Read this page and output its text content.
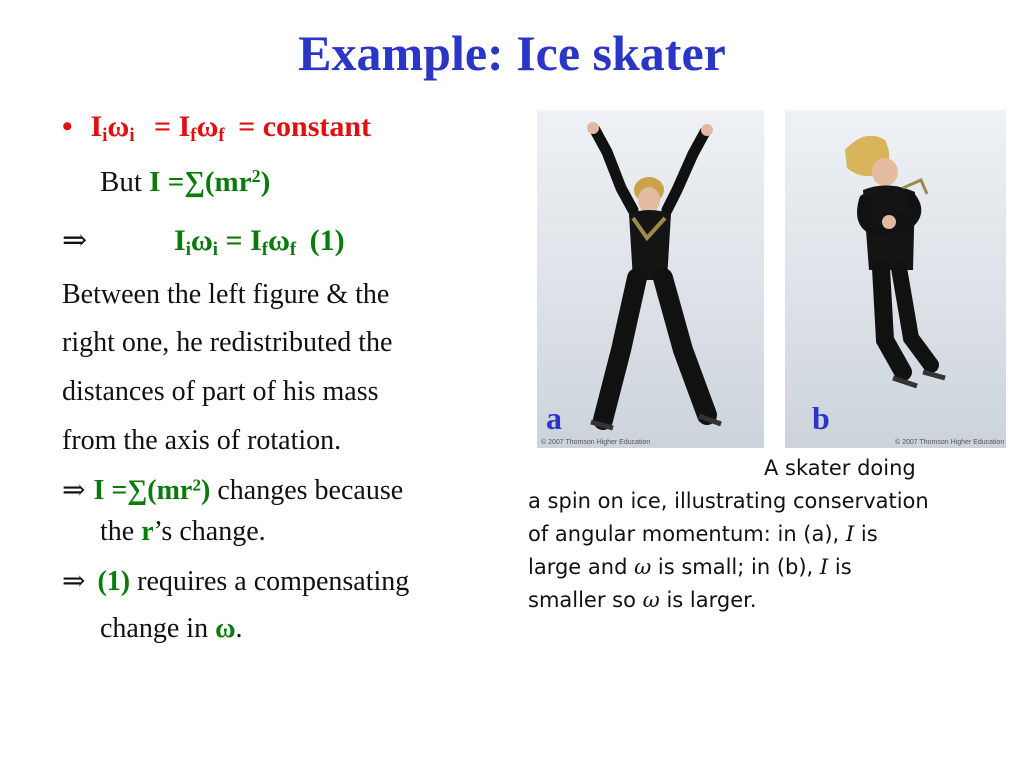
Example: Ice skater
• $I_i\omega_i = I_f\omega_f$ = constant
But $I =\sum(mr^2)$
⇒	$I_i\omega_i = I_f\omega_f$ (1)
Between the left figure & the
right one, he redistributed the
distances of part of his mass
from the axis of rotation.
⇒ $I =\sum(mr^2)$ changes because
the r’s change.
⇒ (1) requires a compensating
change in ω.
© 2007 Thomson Higher Education	© 2007 Thomson Higher Education
a	b
A skater doing
a spin on ice, illustrating conservation
of angular momentum: in (a), I is
large and ω is small; in (b), I is
smaller so ω is larger.
